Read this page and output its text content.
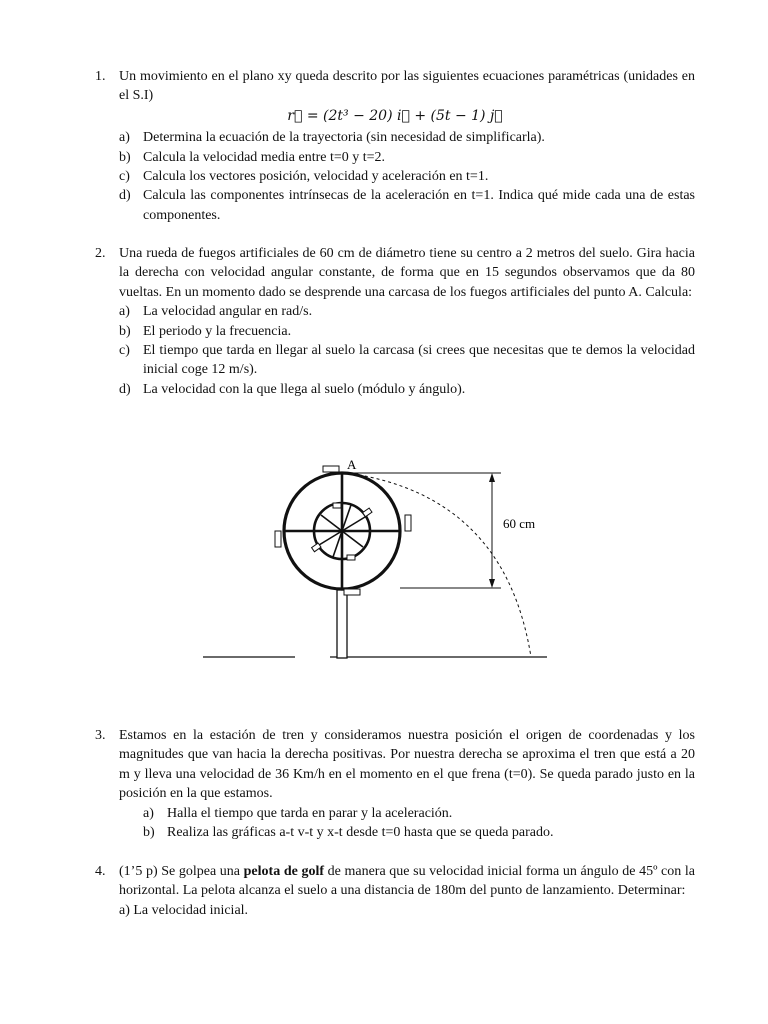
1. Un movimiento en el plano xy queda descrito por las siguientes ecuaciones paramétricas (unidades en el S.I)
r⃗ = (2t³ − 20) i⃗ + (5t − 1) j⃗
a) Determina la ecuación de la trayectoria (sin necesidad de simplificarla).
b) Calcula la velocidad media entre t=0 y t=2.
c) Calcula los vectores posición, velocidad y aceleración en t=1.
d) Calcula las componentes intrínsecas de la aceleración en t=1. Indica qué mide cada una de estas componentes.
2. Una rueda de fuegos artificiales de 60 cm de diámetro tiene su centro a 2 metros del suelo. Gira hacia la derecha con velocidad angular constante, de forma que en 15 segundos observamos que da 80 vueltas. En un momento dado se desprende una carcasa de los fuegos artificiales del punto A. Calcula:
a) La velocidad angular en rad/s.
b) El periodo y la frecuencia.
c) El tiempo que tarda en llegar al suelo la carcasa (si crees que necesitas que te demos la velocidad inicial coge 12 m/s).
d) La velocidad con la que llega al suelo (módulo y ángulo).
A
60 cm
3. Estamos en la estación de tren y consideramos nuestra posición el origen de coordenadas y los magnitudes que van hacia la derecha positivas. Por nuestra derecha se aproxima el tren que está a 20 m y lleva una velocidad de 36 Km/h en el momento en el que frena (t=0). Se queda parado justo en la posición en la que estamos.
a) Halla el tiempo que tarda en parar y la aceleración.
b) Realiza las gráficas a-t v-t y x-t desde t=0 hasta que se queda parado.
4. (1’5 p) Se golpea una pelota de golf de manera que su velocidad inicial forma un ángulo de 45º con la horizontal. La pelota alcanza el suelo a una distancia de 180m del punto de lanzamiento. Determinar:
a) La velocidad inicial.
